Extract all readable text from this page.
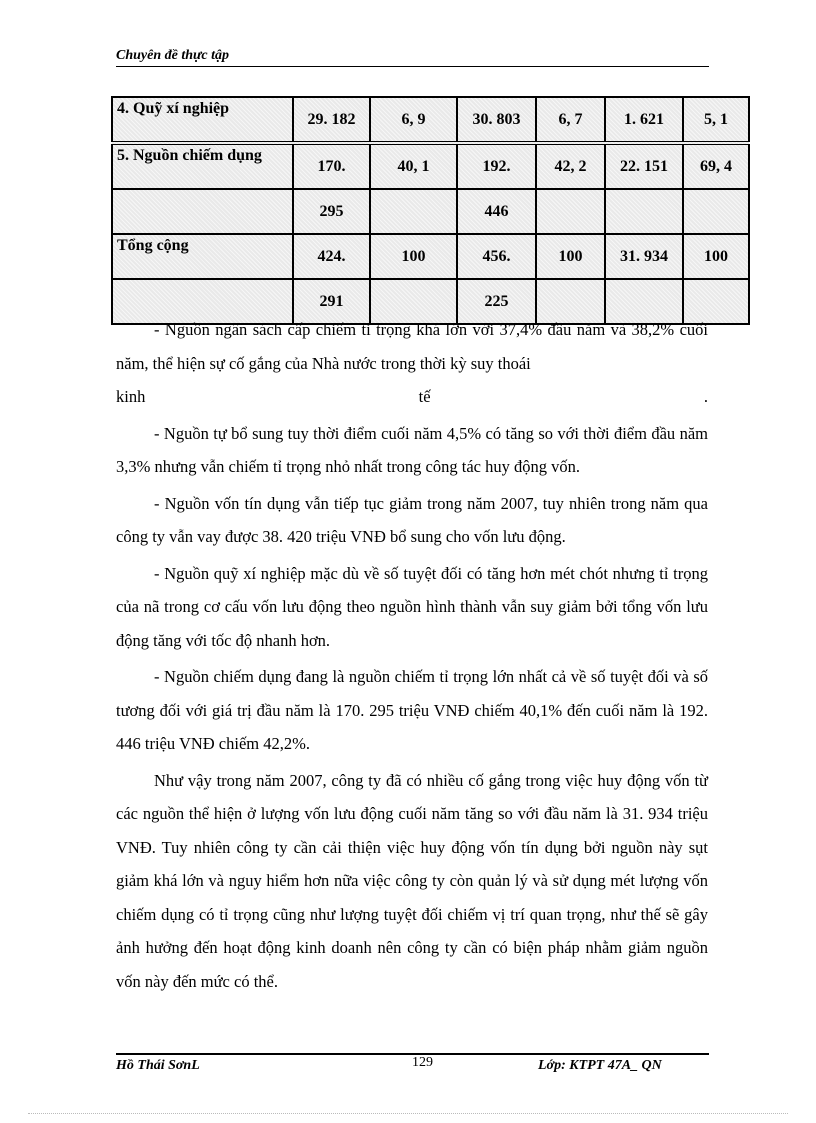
Chuyên đề thực tập
4. Quỹ xí nghiệp	29. 182	6, 9	30. 803	6, 7	1. 621	5, 1
5. Nguồn chiếm dụng	170.	40, 1	192.	42, 2	22. 151	69, 4
	295		446			
Tổng cộng	424.	100	456.	100	31. 934	100
	291		225			

- Nguồn ngân sách cấp chiếm tỉ trọng khá lớn với 37,4% đầu năm và 38,2% cuối năm, thể hiện sự cố gắng của Nhà nước trong thời kỳ suy thoái

kinh	tế	.

- Nguồn tự bổ sung tuy thời điểm cuối năm 4,5% có tăng so với thời điểm đầu năm 3,3% nhưng vẫn chiếm tỉ trọng nhỏ nhất trong công tác huy động vốn.

- Nguồn vốn tín dụng vẫn tiếp tục giảm trong năm 2007, tuy nhiên trong năm qua công ty vẫn vay được 38. 420 triệu VNĐ bổ sung cho vốn lưu động.

- Nguồn quỹ xí nghiệp mặc dù về số tuyệt đối có tăng hơn mét chót nhưng tỉ trọng của nã trong cơ cấu vốn lưu động theo nguồn hình thành vẫn suy giảm bởi tổng vốn lưu động tăng với tốc độ nhanh hơn.

- Nguồn chiếm dụng đang là nguồn chiếm tỉ trọng lớn nhất cả về số tuyệt đối và số tương đối với giá trị đầu năm là 170. 295 triệu VNĐ chiếm 40,1% đến cuối năm là 192. 446 triệu VNĐ chiếm 42,2%.

Như vậy trong năm 2007, công ty đã có nhiều cố gắng trong việc huy động vốn từ các nguồn thể hiện ở lượng vốn lưu động cuối năm tăng so với đầu năm là 31. 934 triệu VNĐ. Tuy nhiên công ty cần cải thiện việc huy động vốn tín dụng bởi nguồn này sụt giảm khá lớn và nguy hiểm hơn nữa việc công ty còn quản lý và sử dụng mét lượng vốn chiếm dụng có tỉ trọng cũng như lượng tuyệt đối chiếm vị trí quan trọng, như thế sẽ gây ảnh hưởng đến hoạt động kinh doanh nên công ty cần có biện pháp nhằm giảm nguồn vốn này đến mức có thể.

Hồ Thái SơnL	129	Lớp: KTPT 47A_ QN
